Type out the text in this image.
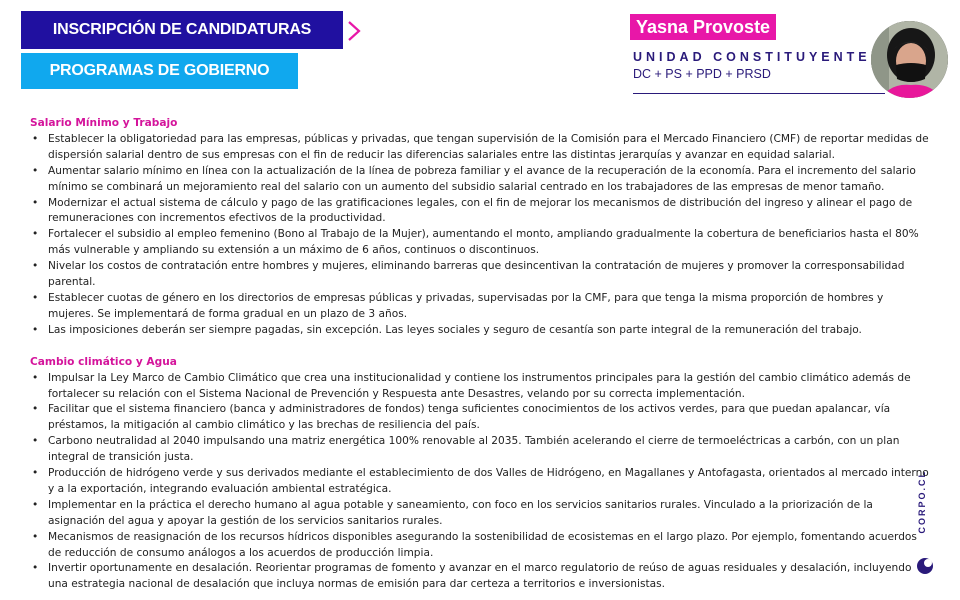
INSCRIPCIÓN DE CANDIDATURAS
PROGRAMAS DE GOBIERNO
Yasna Provoste
UNIDAD CONSTITUYENTE
DC + PS + PPD + PRSD
CORPO.CL
Salario Mínimo y Trabajo
• Establecer la obligatoriedad para las empresas, públicas y privadas, que tengan supervisión de la Comisión para el Mercado Financiero (CMF) de reportar medidas de dispersión salarial dentro de sus empresas con el fin de reducir las diferencias salariales entre las distintas jerarquías y avanzar en equidad salarial.
• Aumentar salario mínimo en línea con la actualización de la línea de pobreza familiar y el avance de la recuperación de la economía. Para el incremento del salario mínimo se combinará un mejoramiento real del salario con un aumento del subsidio salarial centrado en los trabajadores de las empresas de menor tamaño.
• Modernizar el actual sistema de cálculo y pago de las gratificaciones legales, con el fin de mejorar los mecanismos de distribución del ingreso y alinear el pago de remuneraciones con incrementos efectivos de la productividad.
• Fortalecer el subsidio al empleo femenino (Bono al Trabajo de la Mujer), aumentando el monto, ampliando gradualmente la cobertura de beneficiarios hasta el 80% más vulnerable y ampliando su extensión a un máximo de 6 años, continuos o discontinuos.
• Nivelar los costos de contratación entre hombres y mujeres, eliminando barreras que desincentivan la contratación de mujeres y promover la corresponsabilidad parental.
• Establecer cuotas de género en los directorios de empresas públicas y privadas, supervisadas por la CMF, para que tenga la misma proporción de hombres y mujeres. Se implementará de forma gradual en un plazo de 3 años.
• Las imposiciones deberán ser siempre pagadas, sin excepción. Las leyes sociales y seguro de cesantía son parte integral de la remuneración del trabajo.
Cambio climático y Agua
• Impulsar la Ley Marco de Cambio Climático que crea una institucionalidad y contiene los instrumentos principales para la gestión del cambio climático además de fortalecer su relación con el Sistema Nacional de Prevención y Respuesta ante Desastres, velando por su correcta implementación.
• Facilitar que el sistema financiero (banca y administradores de fondos) tenga suficientes conocimientos de los activos verdes, para que puedan apalancar, vía préstamos, la mitigación al cambio climático y las brechas de resiliencia del país.
• Carbono neutralidad al 2040 impulsando una matriz energética 100% renovable al 2035. También acelerando el cierre de termoeléctricas a carbón, con un plan integral de transición justa.
• Producción de hidrógeno verde y sus derivados mediante el establecimiento de dos Valles de Hidrógeno, en Magallanes y Antofagasta, orientados al mercado interno y a la exportación, integrando evaluación ambiental estratégica.
• Implementar en la práctica el derecho humano al agua potable y saneamiento, con foco en los servicios sanitarios rurales. Vinculado a la priorización de la asignación del agua y apoyar la gestión de los servicios sanitarios rurales.
• Mecanismos de reasignación de los recursos hídricos disponibles asegurando la sostenibilidad de ecosistemas en el largo plazo. Por ejemplo, fomentando acuerdos de reducción de consumo análogos a los acuerdos de producción limpia.
• Invertir oportunamente en desalación. Reorientar programas de fomento y avanzar en el marco regulatorio de reúso de aguas residuales y desalación, incluyendo una estrategia nacional de desalación que incluya normas de emisión para dar certeza a territorios e inversionistas.
